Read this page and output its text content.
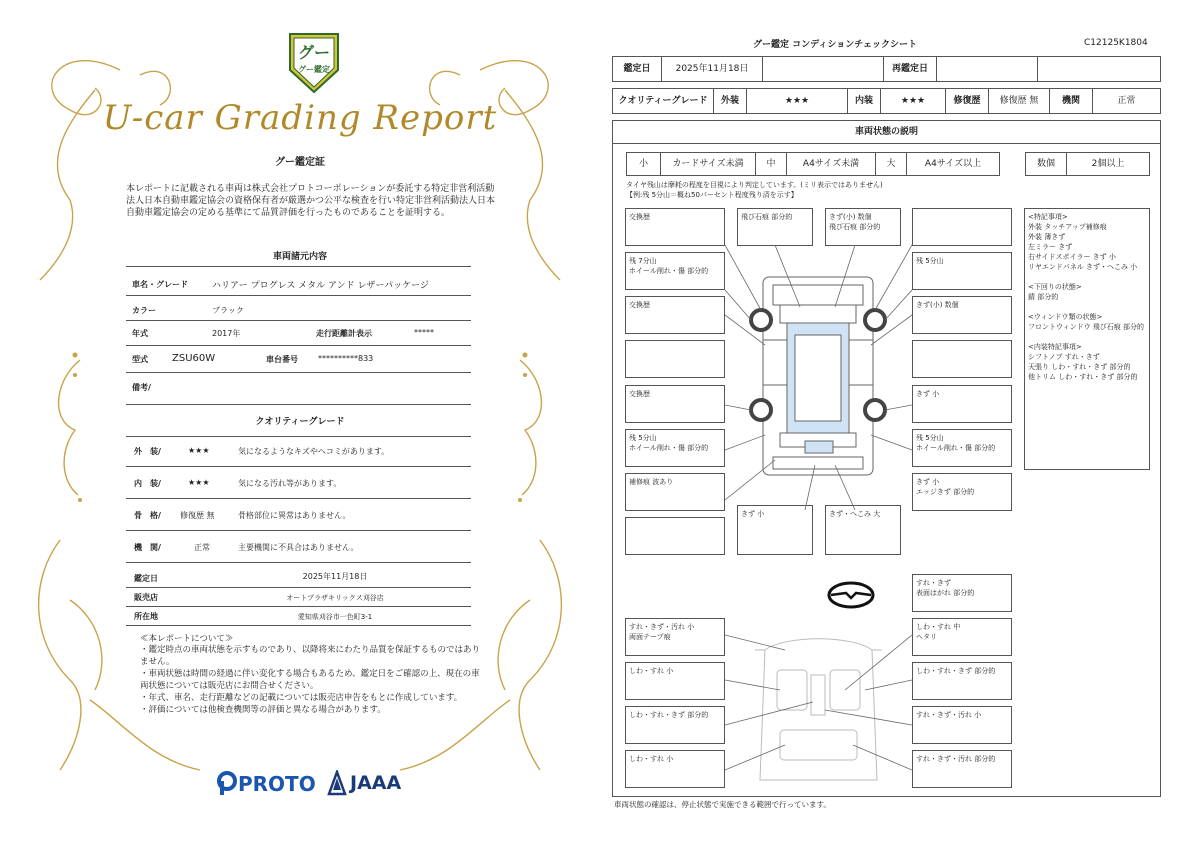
グー
グー鑑定
U-car Grading Report
グー鑑定証
本レポートに記載される車両は株式会社プロトコーポレーションが委託する特定非営利活動法人日本自動車鑑定協会の資格保有者が厳選かつ公平な検査を行い特定非営利活動法人日本自動車鑑定協会の定める基準にて品質評価を行ったものであることを証明する。
車両諸元内容
車名・グレード	ハリアー プログレス メタル アンド レザーパッケージ
カラー	ブラック
年式	2017年	走行距離計表示	*****
型式 ZSU60W	車台番号	**********833
備考/
クオリティーグレード
外　装/	★★★	気になるようなキズやヘコミがあります。
内　装/	★★★	気になる汚れ等があります。
骨　格/ 修復歴 無	骨格部位に異常はありません。
機　関/	正常	主要機関に不具合はありません。
鑑定日	2025年11月18日
販売店	オートプラザキリックス刈谷店
所在地	愛知県刈谷市一色町3-1
≪本レポートについて≫
・鑑定時点の車両状態を示すものであり、以降将来にわたり品質を保証するものではありません。
・車両状態は時間の経過に伴い変化する場合もあるため、鑑定日をご確認の上、現在の車両状態については販売店にお問合せください。
・年式、車名、走行距離などの記載については販売店申告をもとに作成しています。
・評価については他検査機関等の評価と異なる場合があります。
PROTO JAAA
グー鑑定 コンディションチェックシート	C12125K1804
鑑定日	2025年11月18日	再鑑定日
クオリティーグレード	外装	★★★	内装	★★★	修復歴	修復歴 無	機関	正常
車両状態の説明
小	カードサイズ未満	中	A4サイズ未満	大	A4サイズ以上	数個	2個以上
タイヤ残山は摩耗の程度を目視により判定しています。(ミリ表示ではありません)
【例:残 5分山＝概ね50パーセント程度残り済を示す】
交換歴	飛び石痕 部分的	きず(小) 数個
飛び石痕 部分的
残 7分山
ホイール削れ・傷 部分的
残 5分山
交換歴	きず(小) 数個
交換歴	きず 小
残 5分山
ホイール削れ・傷 部分的
残 5分山
ホイール削れ・傷 部分的
補修痕 波あり	きず 小
エッジきず 部分的
きず 小	きず・へこみ 大
<特記事項>
外装 タッチアップ補修痕
外装 薄きず
左ミラー きず
右サイドスポイラー きず 小
リヤエンドパネル きず・へこみ 小

<下回りの状態>
錆 部分的

<ウィンドウ類の状態>
フロントウィンドウ 飛び石痕 部分的

<内装特記事項>
シフトノブ すれ・きず
天張り しわ・すれ・きず 部分的
他トリム しわ・すれ・きず 部分的
すれ・きず
表面はがれ 部分的
すれ・きず・汚れ 小
両面テープ痕
しわ・すれ 中
ヘタリ
しわ・すれ 小	しわ・すれ・きず 部分的
しわ・すれ・きず 部分的	すれ・きず・汚れ 小
しわ・すれ 小	すれ・きず・汚れ 部分的
車両状態の確認は、停止状態で実施できる範囲で行っています。
